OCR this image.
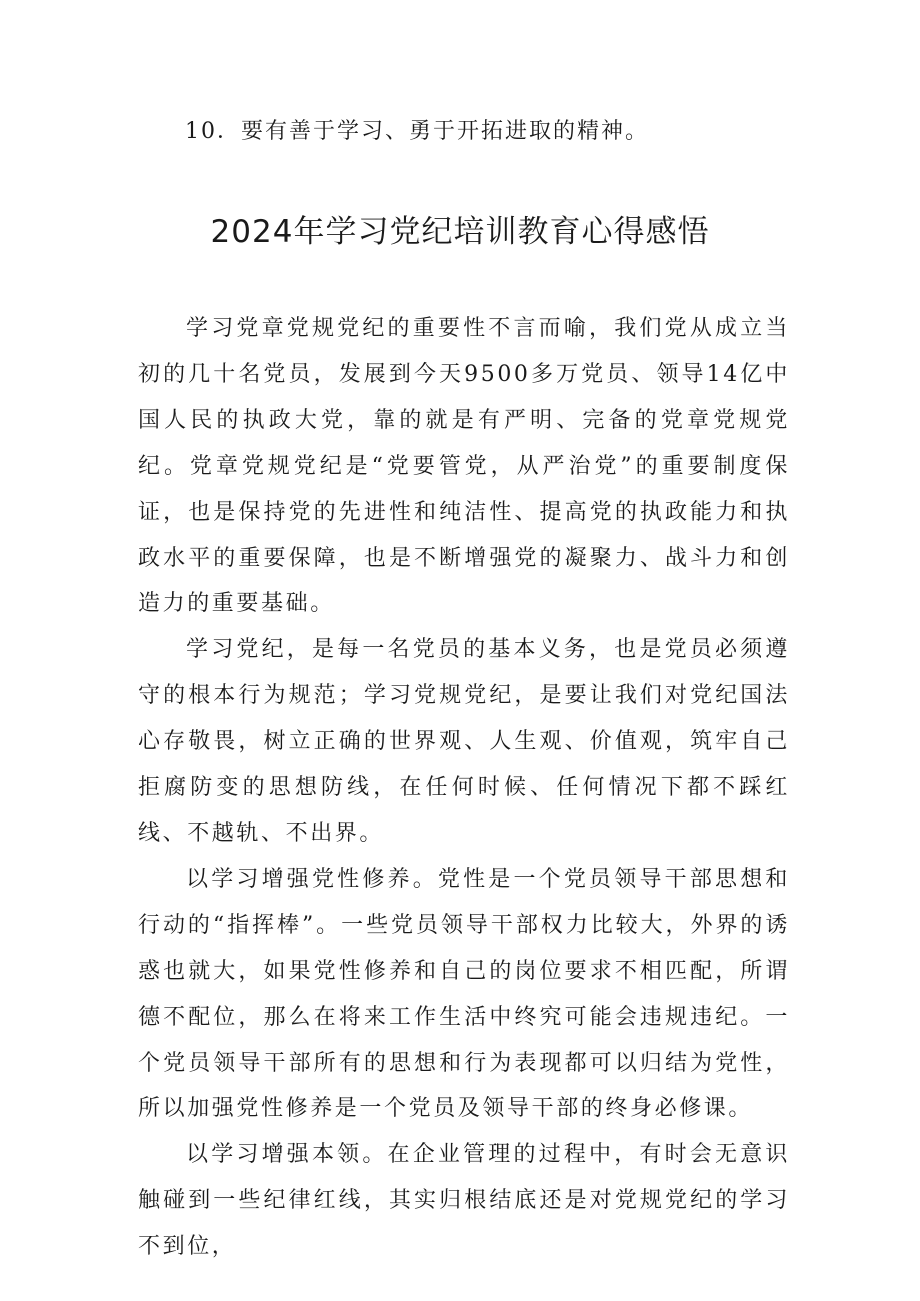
10．要有善于学习、勇于开拓进取的精神。
2024年学习党纪培训教育心得感悟

学习党章党规党纪的重要性不言而喻，我们党从成立当初的几十名党员，发展到今天9500多万党员、领导14亿中国人民的执政大党，靠的就是有严明、完备的党章党规党纪。党章党规党纪是“党要管党，从严治党”的重要制度保证，也是保持党的先进性和纯洁性、提高党的执政能力和执政水平的重要保障，也是不断增强党的凝聚力、战斗力和创造力的重要基础。

学习党纪，是每一名党员的基本义务，也是党员必须遵守的根本行为规范；学习党规党纪，是要让我们对党纪国法心存敬畏，树立正确的世界观、人生观、价值观，筑牢自己拒腐防变的思想防线，在任何时候、任何情况下都不踩红线、不越轨、不出界。

以学习增强党性修养。党性是一个党员领导干部思想和行动的“指挥棒”。一些党员领导干部权力比较大，外界的诱惑也就大，如果党性修养和自己的岗位要求不相匹配，所谓德不配位，那么在将来工作生活中终究可能会违规违纪。一个党员领导干部所有的思想和行为表现都可以归结为党性，所以加强党性修养是一个党员及领导干部的终身必修课。

以学习增强本领。在企业管理的过程中，有时会无意识触碰到一些纪律红线，其实归根结底还是对党规党纪的学习不到位，
